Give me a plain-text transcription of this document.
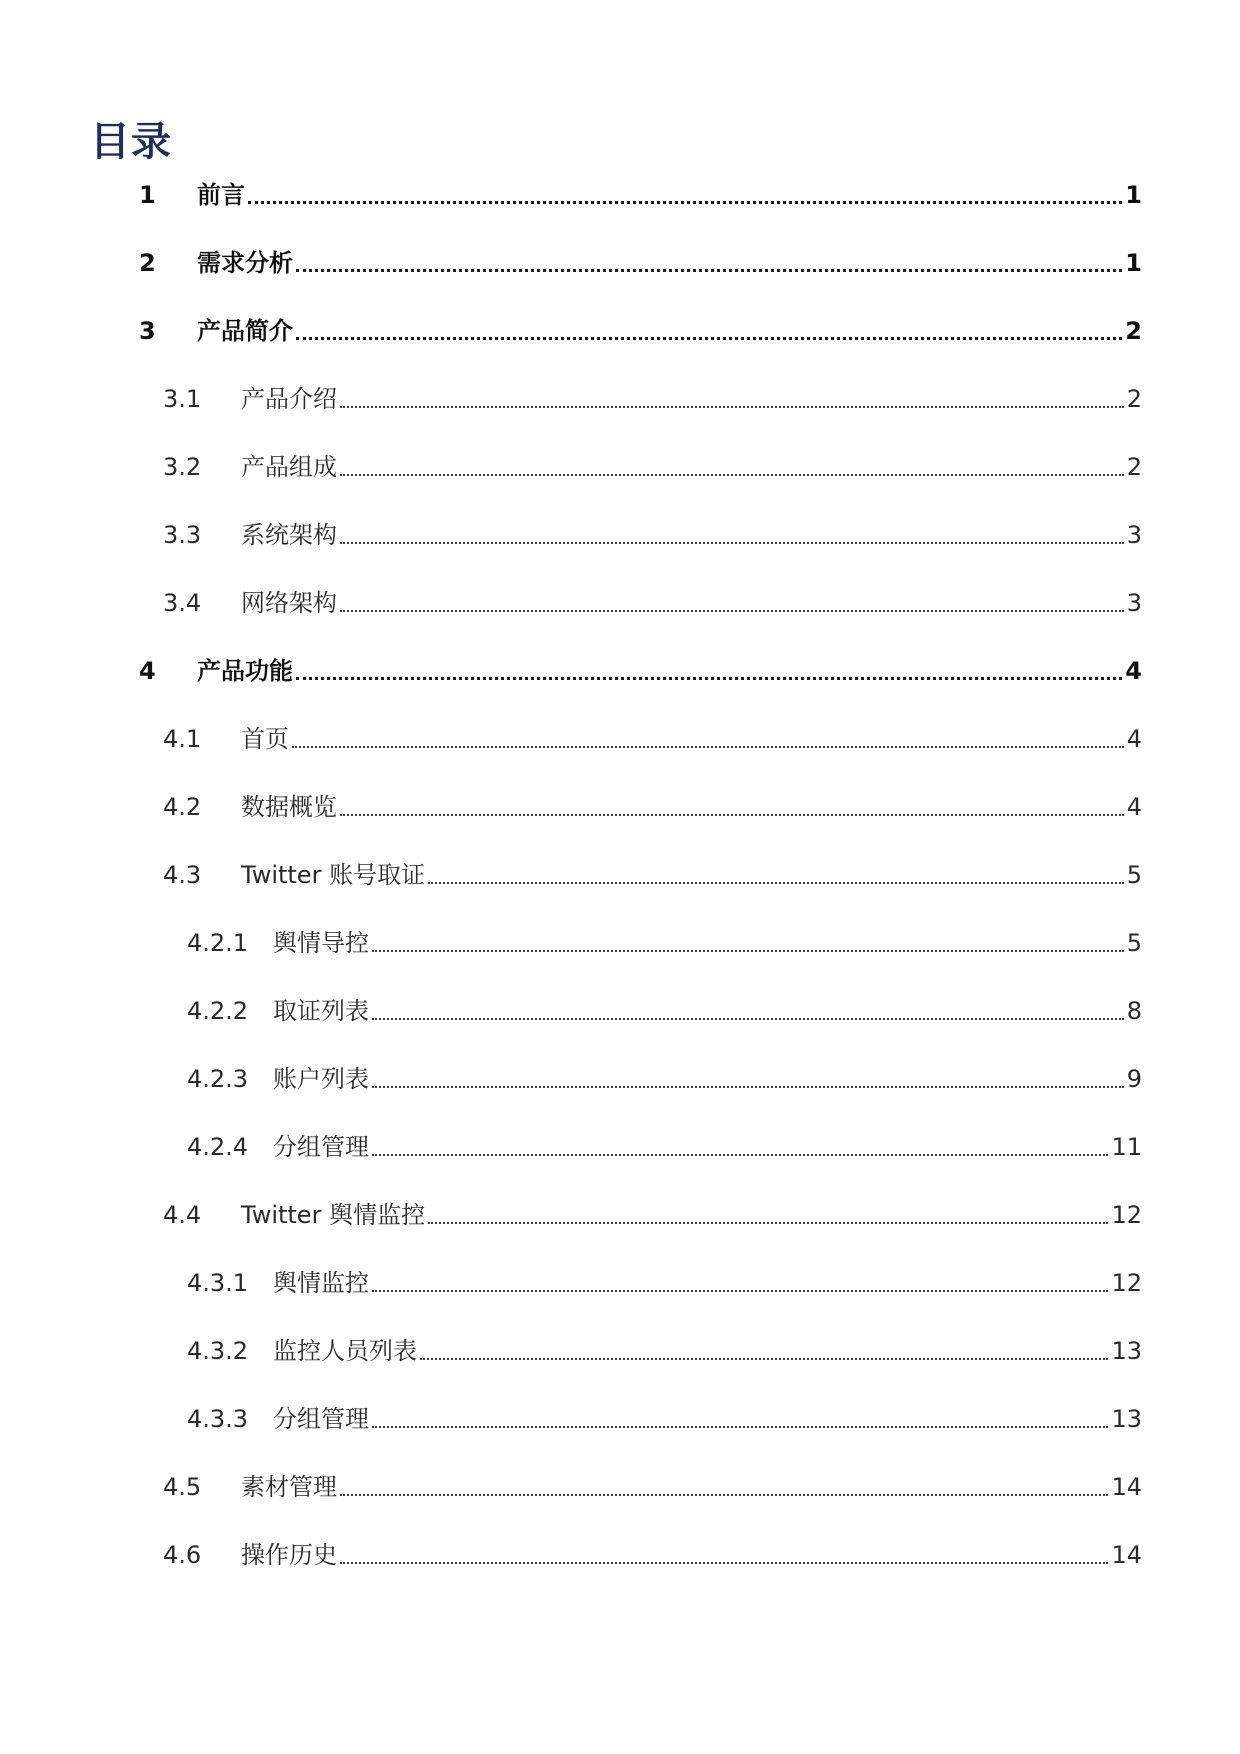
目录
1	前言	1
2	需求分析	1
3	产品简介	2
3.1	产品介绍	2
3.2	产品组成	2
3.3	系统架构	3
3.4	网络架构	3
4	产品功能	4
4.1	首页	4
4.2	数据概览	4
4.3	Twitter 账号取证	5
4.2.1	舆情导控	5
4.2.2	取证列表	8
4.2.3	账户列表	9
4.2.4	分组管理	11
4.4	Twitter 舆情监控	12
4.3.1	舆情监控	12
4.3.2	监控人员列表	13
4.3.3	分组管理	13
4.5	素材管理	14
4.6	操作历史	14
